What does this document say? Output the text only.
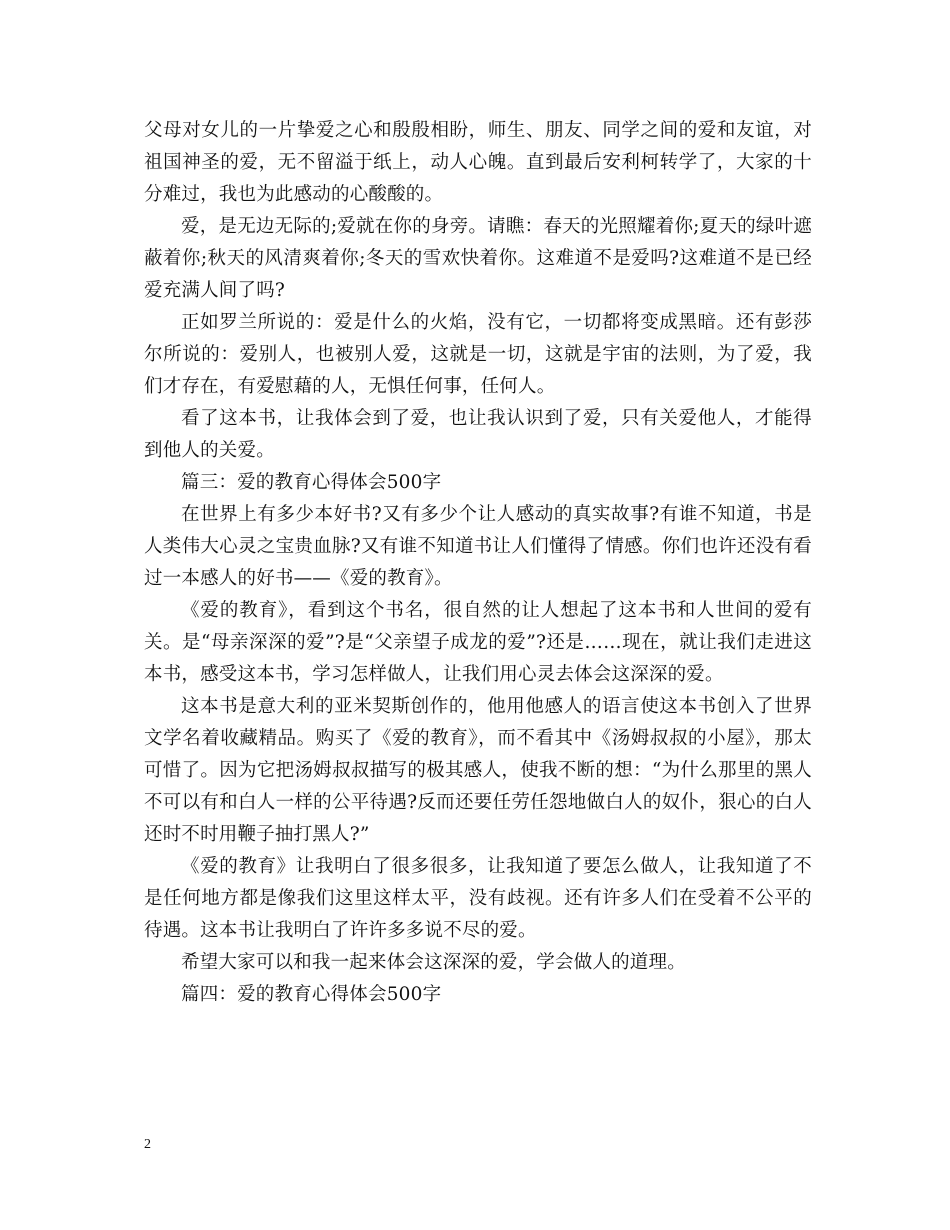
父母对女儿的一片挚爱之心和殷殷相盼，师生、朋友、同学之间的爱和友谊，对祖国神圣的爱，无不留溢于纸上，动人心魄。直到最后安利柯转学了，大家的十分难过，我也为此感动的心酸酸的。

爱，是无边无际的;爱就在你的身旁。请瞧：春天的光照耀着你;夏天的绿叶遮蔽着你;秋天的风清爽着你;冬天的雪欢快着你。这难道不是爱吗?这难道不是已经爱充满人间了吗?

正如罗兰所说的：爱是什么的火焰，没有它，一切都将变成黑暗。还有彭莎尔所说的：爱别人，也被别人爱，这就是一切，这就是宇宙的法则，为了爱，我们才存在，有爱慰藉的人，无惧任何事，任何人。

看了这本书，让我体会到了爱，也让我认识到了爱，只有关爱他人，才能得到他人的关爱。

篇三：爱的教育心得体会500字

在世界上有多少本好书?又有多少个让人感动的真实故事?有谁不知道，书是人类伟大心灵之宝贵血脉?又有谁不知道书让人们懂得了情感。你们也许还没有看过一本感人的好书——《爱的教育》。

《爱的教育》，看到这个书名，很自然的让人想起了这本书和人世间的爱有关。是“母亲深深的爱”?是“父亲望子成龙的爱”?还是……现在，就让我们走进这本书，感受这本书，学习怎样做人，让我们用心灵去体会这深深的爱。

这本书是意大利的亚米契斯创作的，他用他感人的语言使这本书创入了世界文学名着收藏精品。购买了《爱的教育》，而不看其中《汤姆叔叔的小屋》，那太可惜了。因为它把汤姆叔叔描写的极其感人，使我不断的想：“为什么那里的黑人不可以有和白人一样的公平待遇?反而还要任劳任怨地做白人的奴仆，狠心的白人还时不时用鞭子抽打黑人?”

《爱的教育》让我明白了很多很多，让我知道了要怎么做人，让我知道了不是任何地方都是像我们这里这样太平，没有歧视。还有许多人们在受着不公平的待遇。这本书让我明白了许许多多说不尽的爱。

希望大家可以和我一起来体会这深深的爱，学会做人的道理。

篇四：爱的教育心得体会500字

2
